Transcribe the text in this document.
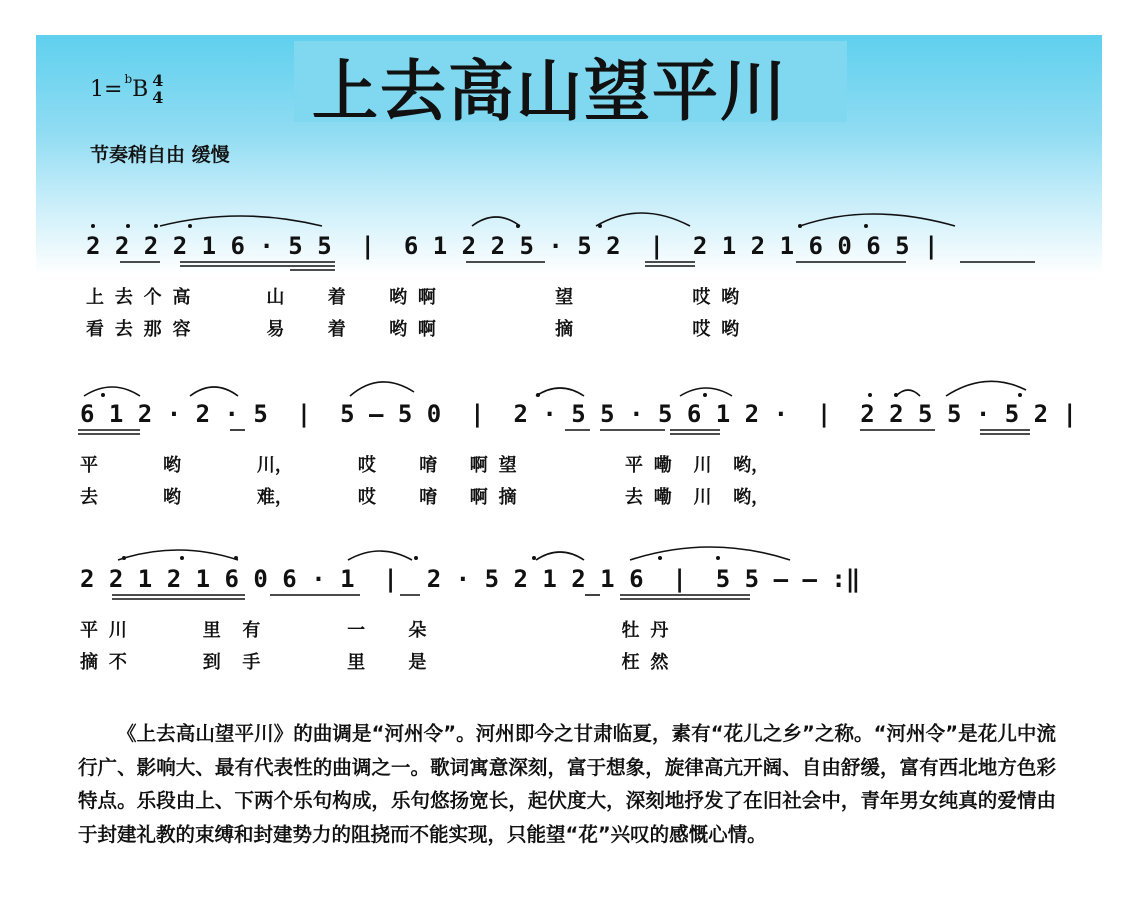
上去高山望平川
1=$^b$ B 4
4
节奏稍自由 缓慢
2 2 2 2 1 6 · 5 5  |  6 1 2 2 5 · 5 2  |  2 1 2 1 6 0 6 5 |
上 去 个 高       山    着    哟 啊           望           哎 哟
看 去 那 容       易    着    哟 啊           摘           哎 哟
6 1 2 · 2 · 5  |  5 – 5 0  |  2 · 5 5 · 5 6 1 2 ·  |  2 2 5 5 · 5 2 |
平      哟       川，      哎    唷   啊 望          平 嘞  川  哟，
去      哟       难，      哎    唷   啊 摘          去 嘞  川  哟，
2 2 1 2 1 6 0 6 · 1  |  2 · 5 2 1 2 1 6  |  5 5 – – :‖
平 川       里  有        一    朵                  牡 丹
摘 不       到  手        里    是                  枉 然
《上去高山望平川》的曲调是“河州令”。河州即今之甘肃临夏，素有“花儿之乡”之称。“河州令”是花儿中流行广、影响大、最有代表性的曲调之一。歌词寓意深刻，富于想象，旋律高亢开阔、自由舒缓，富有西北地方色彩特点。乐段由上、下两个乐句构成，乐句悠扬宽长，起伏度大，深刻地抒发了在旧社会中，青年男女纯真的爱情由于封建礼教的束缚和封建势力的阻挠而不能实现，只能望“花”兴叹的感慨心情。
